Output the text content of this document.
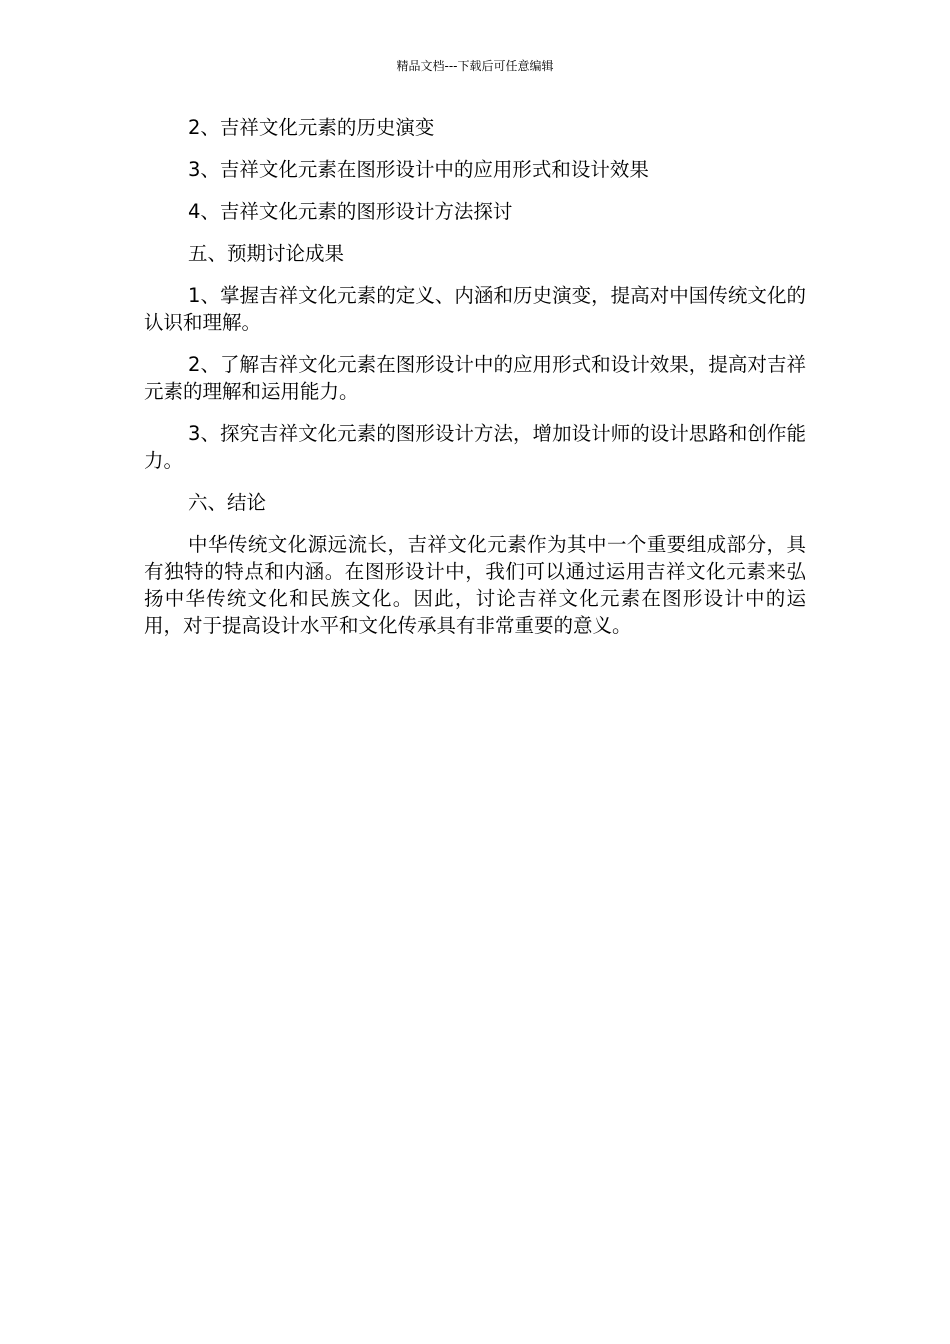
精品文档---下载后可任意编辑

2、吉祥文化元素的历史演变

3、吉祥文化元素在图形设计中的应用形式和设计效果

4、吉祥文化元素的图形设计方法探讨

五、预期讨论成果

1、掌握吉祥文化元素的定义、内涵和历史演变，提高对中国传统文化的认识和理解。

2、了解吉祥文化元素在图形设计中的应用形式和设计效果，提高对吉祥元素的理解和运用能力。

3、探究吉祥文化元素的图形设计方法，增加设计师的设计思路和创作能力。

六、结论

中华传统文化源远流长，吉祥文化元素作为其中一个重要组成部分，具有独特的特点和内涵。在图形设计中，我们可以通过运用吉祥文化元素来弘扬中华传统文化和民族文化。因此，讨论吉祥文化元素在图形设计中的运用，对于提高设计水平和文化传承具有非常重要的意义。
